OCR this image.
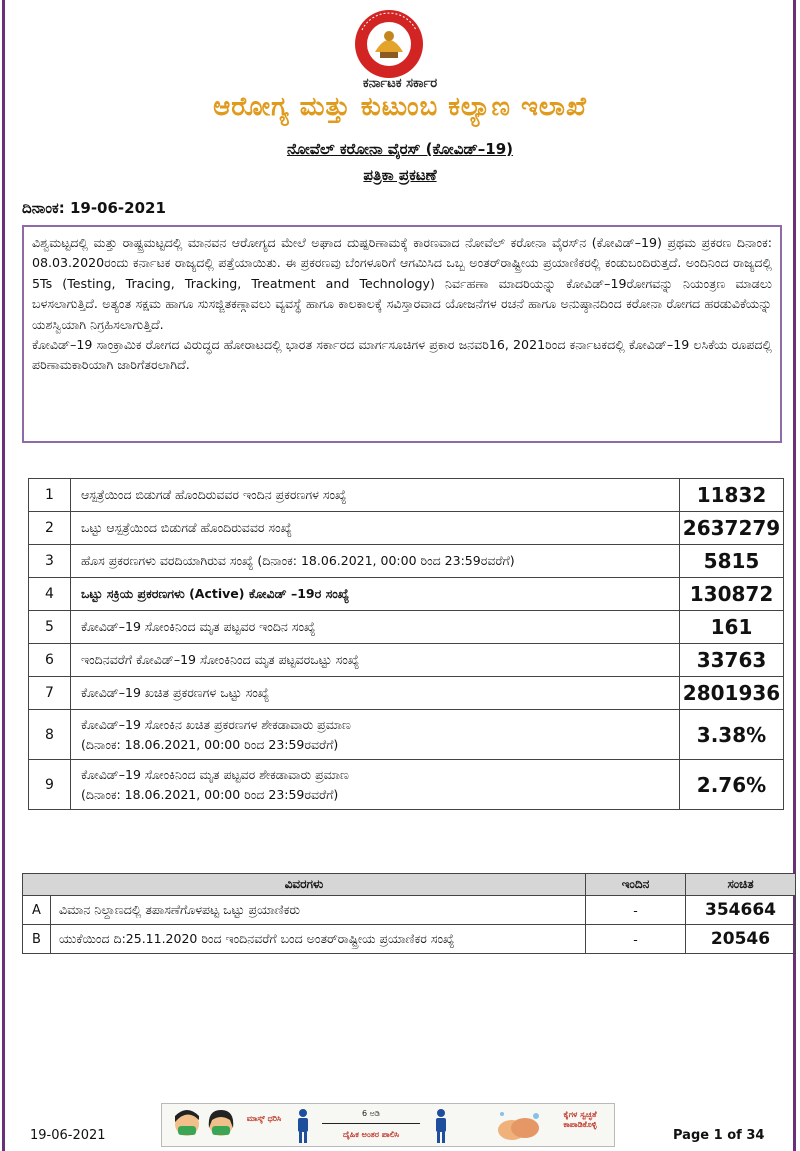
ಕರ್ನಾಟಕ ಸರ್ಕಾರ
ಆರೋಗ್ಯ ಮತ್ತು ಕುಟುಂಬ ಕಲ್ಯಾಣ ಇಲಾಖೆ
ನೋವೆಲ್ ಕರೋನಾ ವೈರಸ್ (ಕೋವಿಡ್–19)
ಪತ್ರಿಕಾ ಪ್ರಕಟಣೆ
ದಿನಾಂಕ: 19-06-2021

ವಿಶ್ವಮಟ್ಟದಲ್ಲಿ ಮತ್ತು ರಾಷ್ಟ್ರಮಟ್ಟದಲ್ಲಿ ಮಾನವನ ಆರೋಗ್ಯದ ಮೇಲೆ ಅಘಾದ ದುಷ್ಪರಿಣಾಮಕ್ಕೆ ಕಾರಣವಾದ ನೋವೆಲ್ ಕರೋನಾ ವೈರಸ್‌ನ (ಕೋವಿಡ್–19) ಪ್ರಥಮ ಪ್ರಕರಣ ದಿನಾಂಕ: 08.03.2020ರಂದು ಕರ್ನಾಟಕ ರಾಜ್ಯದಲ್ಲಿ ಪತ್ತೆಯಾಯಿತು. ಈ ಪ್ರಕರಣವು ಬೆಂಗಳೂರಿಗೆ ಆಗಮಿಸಿದ ಒಬ್ಬ ಅಂತರ್‌ರಾಷ್ಟ್ರೀಯ ಪ್ರಯಾಣಿಕರಲ್ಲಿ ಕಂಡುಬಂದಿರುತ್ತದೆ. ಅಂದಿನಿಂದ ರಾಜ್ಯದಲ್ಲಿ 5Ts (Testing, Tracing, Tracking, Treatment and Technology) ನಿರ್ವಹಣಾ ಮಾದರಿಯನ್ನು ಕೋವಿಡ್–19ರೋಗವನ್ನು ನಿಯಂತ್ರಣ ಮಾಡಲು ಬಳಸಲಾಗುತ್ತಿದೆ. ಅತ್ಯಂತ ಸಕ್ಷಮ ಹಾಗೂ ಸುಸಜ್ಜಿತಕಣ್ಗಾವಲು ವ್ಯವಸ್ಥೆ ಹಾಗೂ ಕಾಲಕಾಲಕ್ಕೆ ಸವಿಸ್ತಾರವಾದ ಯೋಜನೆಗಳ ರಚನೆ ಹಾಗೂ ಅನುಷ್ಠಾನದಿಂದ ಕರೋನಾ ರೋಗದ ಹರಡುವಿಕೆಯನ್ನು ಯಶಸ್ವಿಯಾಗಿ ನಿಗ್ರಹಿಸಲಾಗುತ್ತಿದೆ.

ಕೋವಿಡ್–19 ಸಾಂಕ್ರಾಮಿಕ ರೋಗದ ವಿರುದ್ಧದ ಹೋರಾಟದಲ್ಲಿ ಭಾರತ ಸರ್ಕಾರದ ಮಾರ್ಗಸೂಚಿಗಳ ಪ್ರಕಾರ ಜನವರಿ16, 2021ರಿಂದ ಕರ್ನಾಟಕದಲ್ಲಿ ಕೋವಿಡ್–19 ಲಸಿಕೆಯ ರೂಪದಲ್ಲಿ ಪರಿಣಾಮಕಾರಿಯಾಗಿ ಜಾರಿಗೆತರಲಾಗಿದೆ.

1	ಆಸ್ಪತ್ರೆಯಿಂದ ಬಿಡುಗಡೆ ಹೊಂದಿರುವವರ ಇಂದಿನ ಪ್ರಕರಣಗಳ ಸಂಖ್ಯೆ	11832
2	ಒಟ್ಟು ಆಸ್ಪತ್ರೆಯಿಂದ ಬಿಡುಗಡೆ ಹೊಂದಿರುವವರ ಸಂಖ್ಯೆ	2637279
3	ಹೊಸ ಪ್ರಕರಣಗಳು ವರದಿಯಾಗಿರುವ ಸಂಖ್ಯೆ (ದಿನಾಂಕ: 18.06.2021, 00:00 ರಿಂದ 23:59ರವರೆಗೆ)	5815
4	ಒಟ್ಟು ಸಕ್ರಿಯ ಪ್ರಕರಣಗಳು (Active) ಕೋವಿಡ್ –19ರ ಸಂಖ್ಯೆ	130872
5	ಕೋವಿಡ್–19 ಸೋಂಕಿನಿಂದ ಮೃತ ಪಟ್ಟವರ ಇಂದಿನ ಸಂಖ್ಯೆ	161
6	ಇಂದಿನವರೆಗೆ ಕೋವಿಡ್–19 ಸೋಂಕಿನಿಂದ ಮೃತ ಪಟ್ಟವರಒಟ್ಟು ಸಂಖ್ಯೆ	33763
7	ಕೋವಿಡ್–19 ಖಚಿತ ಪ್ರಕರಣಗಳ ಒಟ್ಟು ಸಂಖ್ಯೆ	2801936
8	ಕೋವಿಡ್–19 ಸೋಂಕಿನ ಖಚಿತ ಪ್ರಕರಣಗಳ ಶೇಕಡಾವಾರು ಪ್ರಮಾಣ
(ದಿನಾಂಕ: 18.06.2021, 00:00 ರಿಂದ 23:59ರವರೆಗೆ)	3.38%
9	ಕೋವಿಡ್–19 ಸೋಂಕಿನಿಂದ ಮೃತ ಪಟ್ಟವರ ಶೇಕಡಾವಾರು ಪ್ರಮಾಣ
(ದಿನಾಂಕ: 18.06.2021, 00:00 ರಿಂದ 23:59ರವರೆಗೆ)	2.76%
ವಿವರಗಳು		ಇಂದಿನ	ಸಂಚಿತ
A	ವಿಮಾನ ನಿಲ್ದಾಣದಲ್ಲಿ ತಪಾಸಣೆಗೊಳಪಟ್ಟ ಒಟ್ಟು ಪ್ರಯಾಣಿಕರು	-	354664
B	ಯುಕೆಯಿಂದ ದಿ:25.11.2020 ರಿಂದ ಇಂದಿನವರೆಗೆ ಬಂದ ಅಂತರ್‌ರಾಷ್ಟ್ರೀಯ ಪ್ರಯಾಣಿಕರ ಸಂಖ್ಯೆ	-	20546
ಮಾಸ್ಕ್ ಧರಿಸಿ
6 ಅಡಿ
ದೈಹಿಕ ಅಂತರ ಪಾಲಿಸಿ
ಕೈಗಳ ಸ್ವಚ್ಛತೆ ಕಾಪಾಡಿಕೊಳ್ಳಿ
19-06-2021	Page 1 of 34
